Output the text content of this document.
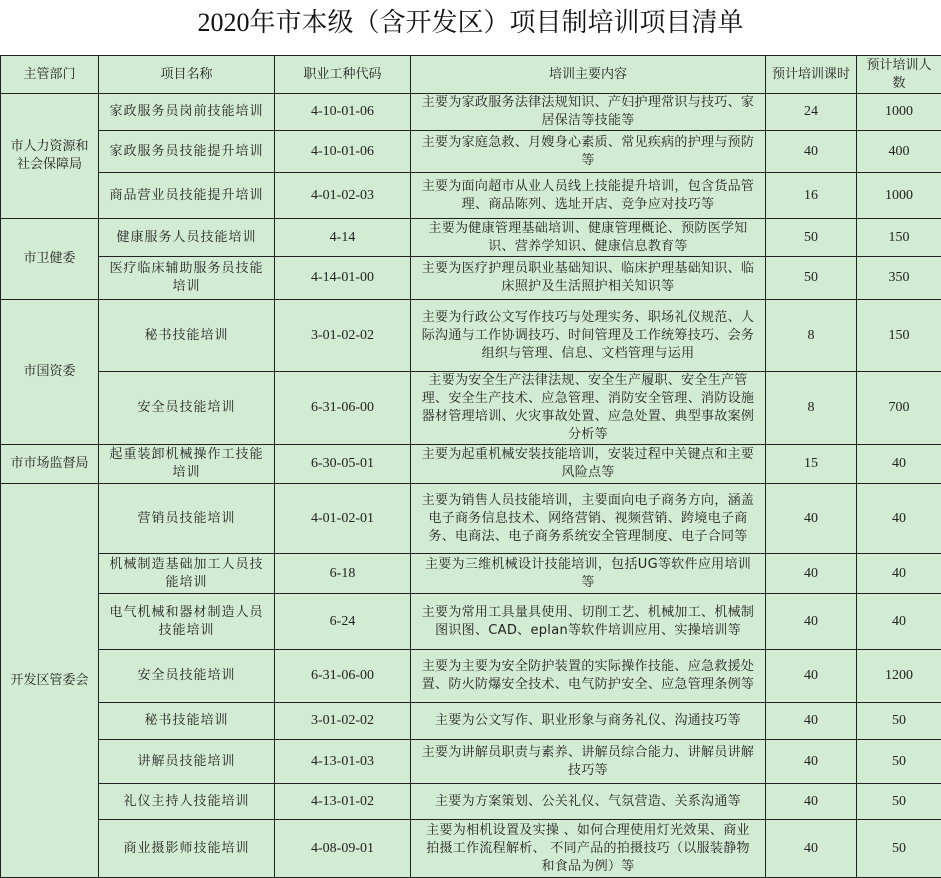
2020年市本级（含开发区）项目制培训项目清单
主管部门	项目名称	职业工种代码	培训主要内容	预计培训课时	预计培训人数
市人力资源和社会保障局	家政服务员岗前技能培训	4-10-01-06	主要为家政服务法律法规知识、产妇护理常识与技巧、家居保洁等技能等	24	1000
	家政服务员技能提升培训	4-10-01-06	主要为家庭急救、月嫂身心素质、常见疾病的护理与预防等	40	400
	商品营业员技能提升培训	4-01-02-03	主要为面向超市从业人员线上技能提升培训，包含货品管理、商品陈列、选址开店、竞争应对技巧等	16	1000
市卫健委	健康服务人员技能培训	4-14	主要为健康管理基础培训、健康管理概论、预防医学知识、营养学知识、健康信息教育等	50	150
	医疗临床辅助服务员技能培训	4-14-01-00	主要为医疗护理员职业基础知识、临床护理基础知识、临床照护及生活照护相关知识等	50	350
市国资委	秘书技能培训	3-01-02-02	主要为行政公文写作技巧与处理实务、职场礼仪规范、人际沟通与工作协调技巧、时间管理及工作统筹技巧、会务组织与管理、信息、文档管理与运用	8	150
	安全员技能培训	6-31-06-00	主要为安全生产法律法规、安全生产履职、安全生产管理、安全生产技术、应急管理、消防安全管理、消防设施器材管理培训、火灾事故处置、应急处置、典型事故案例分析等	8	700
市市场监督局	起重装卸机械操作工技能培训	6-30-05-01	主要为起重机械安装技能培训，安装过程中关键点和主要风险点等	15	40
开发区管委会	营销员技能培训	4-01-02-01	主要为销售人员技能培训，主要面向电子商务方向，涵盖电子商务信息技术、网络营销、视频营销、跨境电子商务、电商法、电子商务系统安全管理制度、电子合同等	40	40
	机械制造基础加工人员技能培训	6-18	主要为三维机械设计技能培训，包括UG等软件应用培训等	40	40
	电气机械和器材制造人员技能培训	6-24	主要为常用工具量具使用、切削工艺、机械加工、机械制图识图、CAD、eplan等软件培训应用、实操培训等	40	40
	安全员技能培训	6-31-06-00	主要为主要为安全防护装置的实际操作技能、应急救援处置、防火防爆安全技术、电气防护安全、应急管理条例等	40	1200
	秘书技能培训	3-01-02-02	主要为公文写作、职业形象与商务礼仪、沟通技巧等	40	50
	讲解员技能培训	4-13-01-03	主要为讲解员职责与素养、讲解员综合能力、讲解员讲解技巧等	40	50
	礼仪主持人技能培训	4-13-01-02	主要为方案策划、公关礼仪、气氛营造、关系沟通等	40	50
	商业摄影师技能培训	4-08-09-01	主要为相机设置及实操 、如何合理使用灯光效果、商业拍摄工作流程解析、 不同产品的拍摄技巧（以服装静物和食品为例）等	40	50
